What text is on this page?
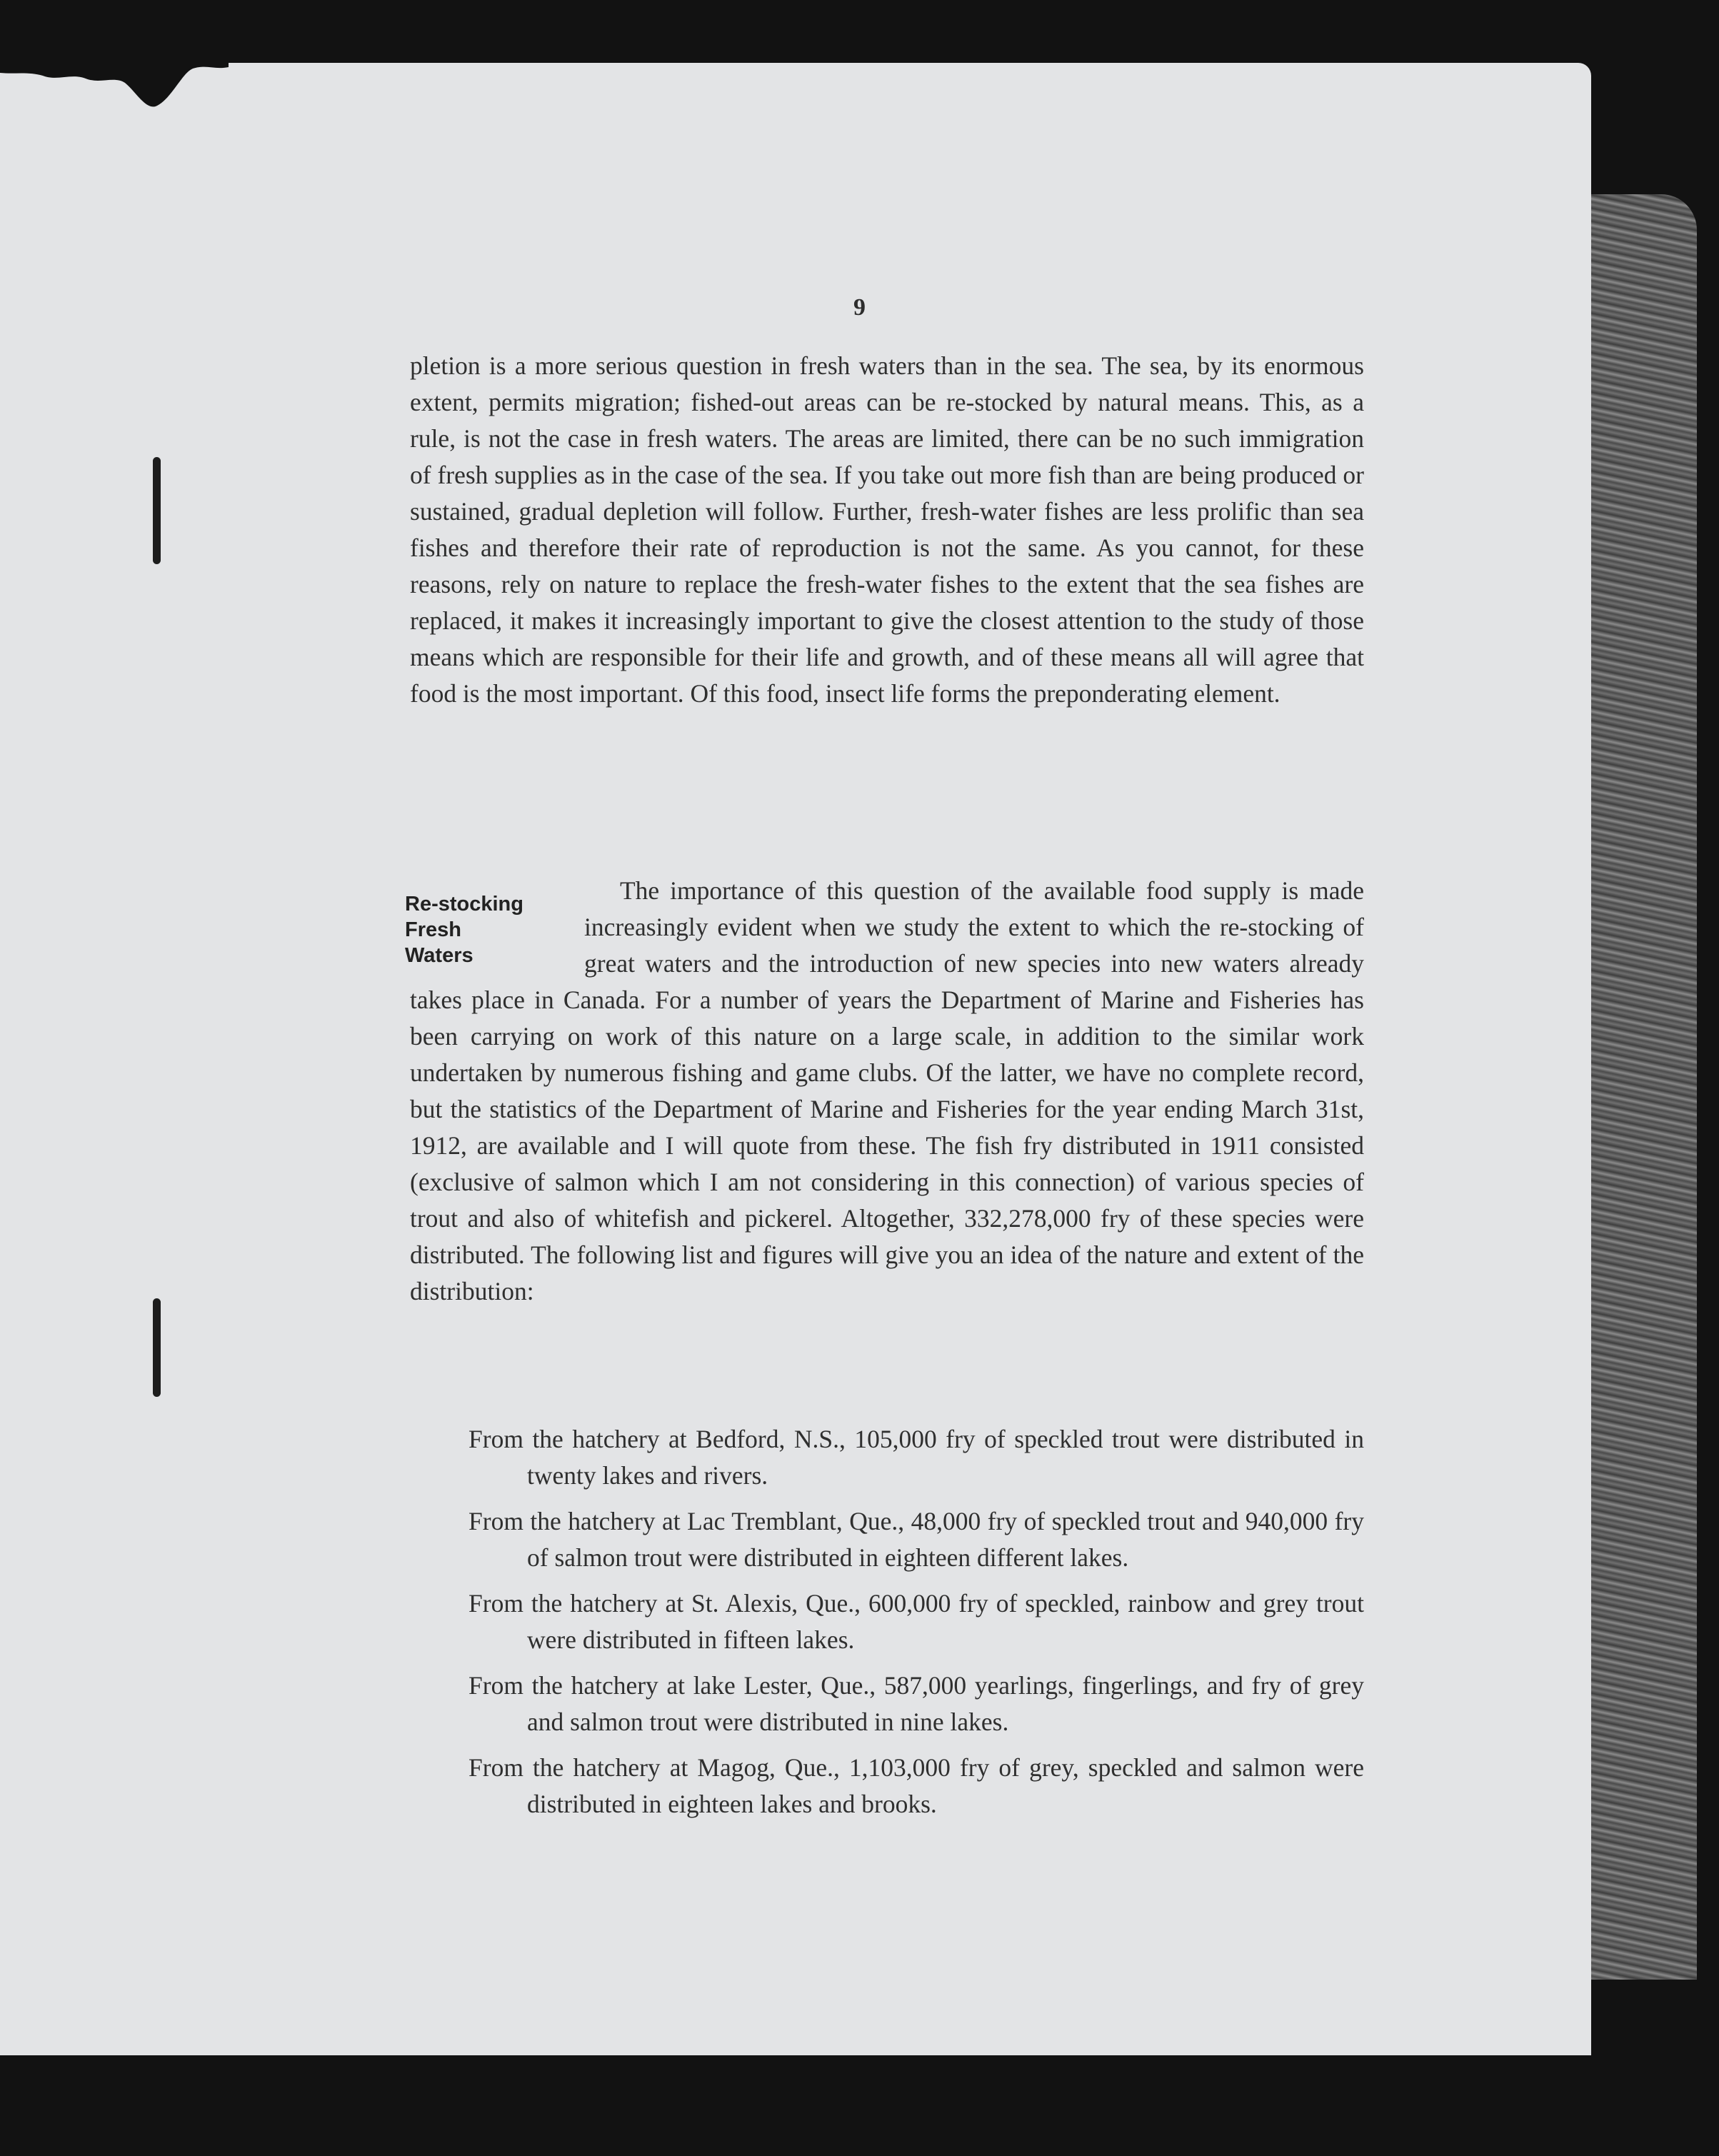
9

pletion is a more serious question in fresh waters than in the sea. The sea, by its enormous extent, permits migration; fished-out areas can be re-stocked by natural means. This, as a rule, is not the case in fresh waters. The areas are limited, there can be no such immigration of fresh supplies as in the case of the sea. If you take out more fish than are being produced or sustained, gradual depletion will follow. Further, fresh-water fishes are less prolific than sea fishes and therefore their rate of reproduction is not the same. As you cannot, for these reasons, rely on nature to replace the fresh-water fishes to the extent that the sea fishes are replaced, it makes it increasingly important to give the closest attention to the study of those means which are responsible for their life and growth, and of these means all will agree that food is the most important. Of this food, insect life forms the preponderating element.

Re-stocking
Fresh
Waters

The importance of this question of the available food supply is made increasingly evident when we study the extent to which the re-stocking of great waters and the introduction of new species into new waters already takes place in Canada. For a number of years the Department of Marine and Fisheries has been carrying on work of this nature on a large scale, in addition to the similar work undertaken by numerous fishing and game clubs. Of the latter, we have no complete record, but the statistics of the Department of Marine and Fisheries for the year ending March 31st, 1912, are available and I will quote from these. The fish fry distributed in 1911 consisted (exclusive of salmon which I am not considering in this connection) of various species of trout and also of whitefish and pickerel. Altogether, 332,278,000 fry of these species were distributed. The following list and figures will give you an idea of the nature and extent of the distribution:

From the hatchery at Bedford, N.S., 105,000 fry of speckled trout were distributed in twenty lakes and rivers.

From the hatchery at Lac Tremblant, Que., 48,000 fry of speckled trout and 940,000 fry of salmon trout were distributed in eighteen different lakes.

From the hatchery at St. Alexis, Que., 600,000 fry of speckled, rainbow and grey trout were distributed in fifteen lakes.

From the hatchery at lake Lester, Que., 587,000 yearlings, fingerlings, and fry of grey and salmon trout were distributed in nine lakes.

From the hatchery at Magog, Que., 1,103,000 fry of grey, speckled and salmon were distributed in eighteen lakes and brooks.
